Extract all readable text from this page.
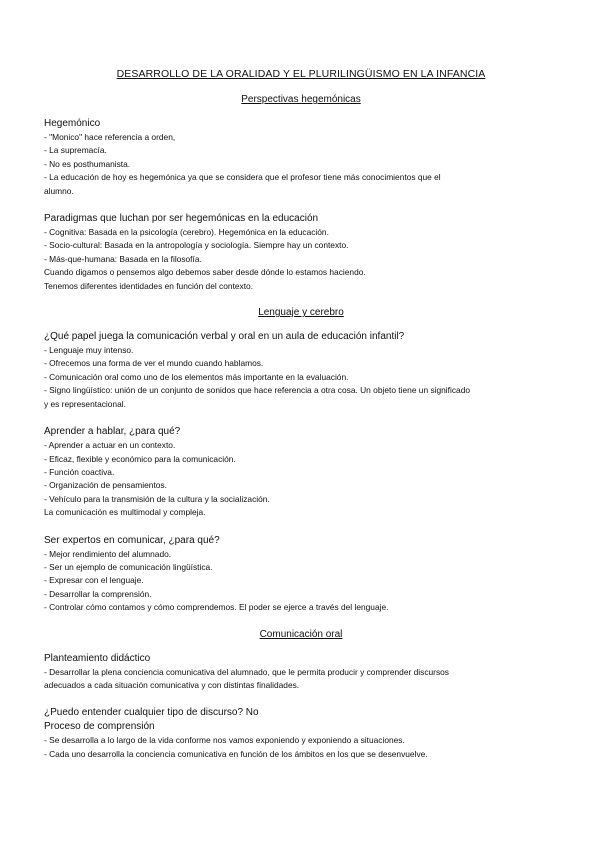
DESARROLLO DE LA ORALIDAD Y EL PLURILINGÜISMO EN LA INFANCIA
Perspectivas hegemónicas
Hegemónico
- "Monico" hace referencia a orden,
- La supremacía.
- No es posthumanista.
- La educación de hoy es hegemónica ya que se considera que el profesor tiene más conocimientos que el
alumno.
Paradigmas que luchan por ser hegemónicas en la educación
- Cognitiva: Basada en la psicología (cerebro). Hegemónica en la educación.
- Socio-cultural: Basada en la antropología y sociología. Siempre hay un contexto.
- Más-que-humana: Basada en la filosofía.
Cuando digamos o pensemos algo debemos saber desde dónde lo estamos haciendo.
Tenemos diferentes identidades en función del contexto.
Lenguaje y cerebro
¿Qué papel juega la comunicación verbal y oral en un aula de educación infantil?
- Lenguaje muy intenso.
- Ofrecemos una forma de ver el mundo cuando hablamos.
- Comunicación oral como uno de los elementos más importante en la evaluación.
- Signo lingüístico: unión de un conjunto de sonidos que hace referencia a otra cosa. Un objeto tiene un significado
y es representacional.
Aprender a hablar, ¿para qué?
- Aprender a actuar en un contexto.
- Eficaz, flexible y económico para la comunicación.
- Función coactiva.
- Organización de pensamientos.
- Vehículo para la transmisión de la cultura y la socialización.
La comunicación es multimodal y compleja.
Ser expertos en comunicar, ¿para qué?
- Mejor rendimiento del alumnado.
- Ser un ejemplo de comunicación lingüística.
- Expresar con el lenguaje.
- Desarrollar la comprensión.
- Controlar cómo contamos y cómo comprendemos. El poder se ejerce a través del lenguaje.
Comunicación oral
Planteamiento didáctico
- Desarrollar la plena conciencia comunicativa del alumnado, que le permita producir y comprender discursos
adecuados a cada situación comunicativa y con distintas finalidades.
¿Puedo entender cualquier tipo de discurso? No
Proceso de comprensión
- Se desarrolla a lo largo de la vida conforme nos vamos exponiendo y exponiendo a situaciones.
- Cada uno desarrolla la conciencia comunicativa en función de los ámbitos en los que se desenvuelve.
